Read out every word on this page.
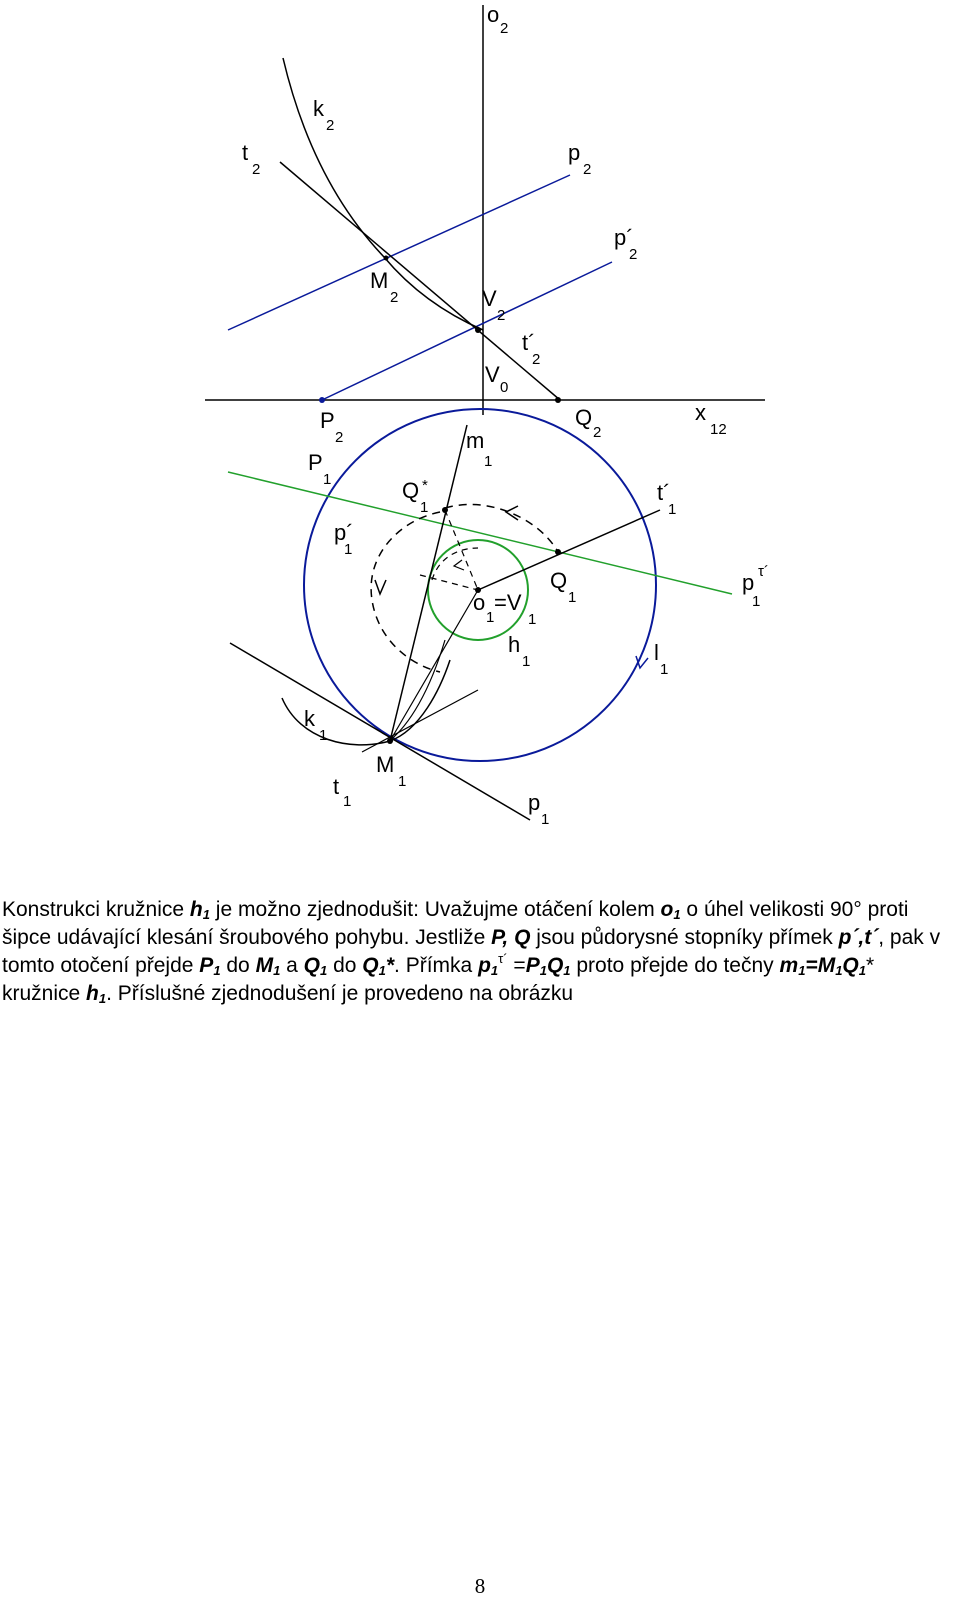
o
2
k
2
t
2
p
2
p´
2
M
2	V
2
t´
2
V
0
P
2
Q
2
x
12
m
1
P
1	Q
1
*	t´
1
p´
1
Q
1
p τ´
1
o
1
=V
1
h
1	l
1
k
1
M
1
t
1	p
1
Konstrukci kružnice $h_1$ je možno zjednodušit: Uvažujme otáčení kolem $o_1$ o úhel velikosti 90° proti šipce udávající klesání šroubového pohybu. Jestliže P, Q jsou půdorysné stopníky přímek p´,t´, pak v tomto otočení přejde $P_1$ do $M_1$ a $Q_1$ do $Q_1*$. Přímka $p_1^{\tau´} =P_1Q_1$ proto přejde do tečny $m_1=M_1Q_1*$ kružnice $h_1$. Příslušné zjednodušení je provedeno na obrázku
8
